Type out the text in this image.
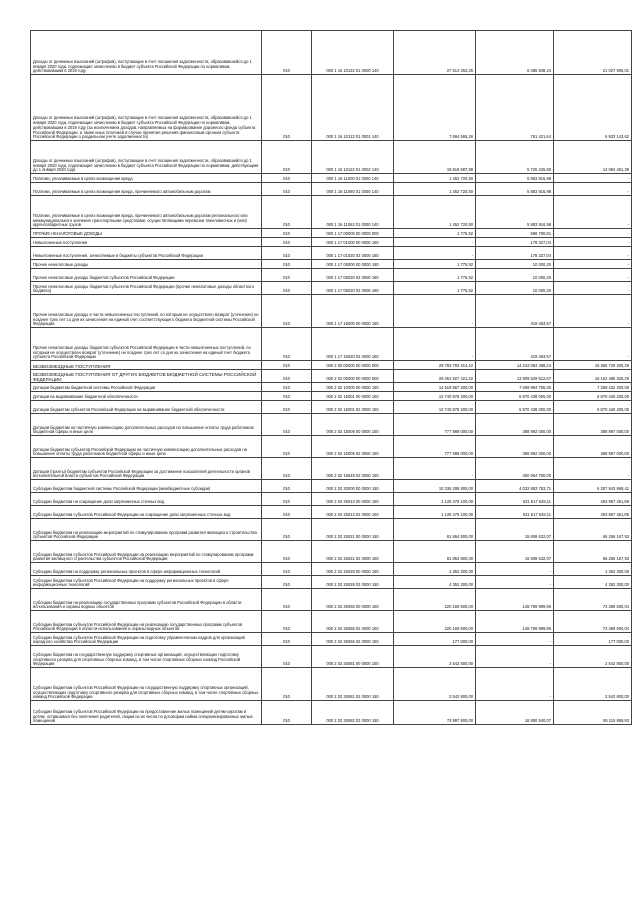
Доходы от денежных взысканий (штрафов), поступающие в счет погашения задолженности, образовавшейся до 1 января 2020 года, подлежащие зачислению в бюджет субъекта Российской Федерации по нормативам, действовавшим в 2019 году	010	000 1 16 10122 01 0000 140	27 514 253,25	6 486 848,24	21 027 905,01
Доходы от денежных взысканий (штрафов), поступающие в счет погашения задолженности, образовавшейся до 1 января 2020 года, подлежащие зачислению в бюджет субъекта Российской Федерации по нормативам, действовавшим в 2019 году (за исключением доходов, направляемых на формирование дорожного фонда субъекта Российской Федерации, а также иных платежей в случае принятия решения финансовым органом субъекта Российской Федерации о раздельном учете задолженности)	010	000 1 16 10122 01 0001 140	7 694 565,26	761 421,64	6 933 143,62
Доходы от денежных взысканий (штрафов), поступающие в счет погашения задолженности, образовавшейся до 1 января 2020 года, подлежащие зачислению в бюджет субъекта Российской Федерации по нормативам, действующим до 1 января 2020 года	010	000 1 16 10122 01 0002 140	19 819 687,99	5 725 226,60	14 094 461,39
Платежи, уплачиваемые в целях возмещения вреда	010	000 1 16 11000 01 0000 140	1 452 720,50	5 883 916,98	-
Платежи, уплачиваемые в целях возмещения вреда, причиняемого автомобильным дорогам	010	000 1 16 11060 01 0000 140	1 452 720,50	5 883 916,98	-
Платежи, уплачиваемые в целях возмещения вреда, причиняемого автомобильным дорогам регионального или межмуниципального значения транспортными средствами, осуществляющими перевозки тяжеловесных и (или) крупногабаритных грузов	010	000 1 16 11063 01 0000 140	1 452 720,50	5 883 916,98	-
ПРОЧИЕ НЕНАЛОГОВЫЕ ДОХОДЫ	010	000 1 17 00000 00 0000 000	1 775,52	598 790,81	-
Невыясненные поступления	010	000 1 17 01000 00 0000 180	-	178 327,04	-
Невыясненные поступления, зачисляемые в бюджеты субъектов Российской Федерации	010	000 1 17 01020 02 0000 180	-	178 327,04	-
Прочие неналоговые доходы	010	000 1 17 05000 00 0000 180	1 775,52	10 000,20	-
Прочие неналоговые доходы бюджетов субъектов Российской Федерации	010	000 1 17 05020 02 0000 180	1 775,52	10 000,20	-
Прочие неналоговые доходы бюджетов субъектов Российской Федерации (прочие неналоговые доходы областного бюджета)	010	000 1 17 05020 02 0006 180	1 775,52	10 000,20	-
Прочие неналоговые доходы в части невыясненных поступлений, по которым не осуществлен возврат (уточнение) не позднее трех лет со дня их зачисления на единый счет соответствующего бюджета бюджетной системы Российской Федерации	010	000 1 17 16000 00 0000 180	-	419 463,57	-
Прочие неналоговые доходы бюджетов субъектов Российской Федерации в части невыясненных поступлений, по которым не осуществлен возврат (уточнение) не позднее трех лет со дня их зачисления на единый счет бюджета субъекта Российской Федерации	010	000 1 17 16020 02 0000 180	-	419 463,57	-
БЕЗВОЗМЕЗДНЫЕ ПОСТУПЛЕНИЯ	010	000 2 00 00000 00 0000 000	29 783 783 414,42	14 242 084 489,24	16 365 728 200,29
БЕЗВОЗМЕЗДНЫЕ ПОСТУПЛЕНИЯ ОТ ДРУГИХ БЮДЖЕТОВ БЮДЖЕТНОЙ СИСТЕМЫ РОССИЙСКОЙ ФЕДЕРАЦИИ	010	000 2 02 00000 00 0000 000	29 461 927 421,32	13 909 529 512,67	16 162 485 325,29
Дотации бюджетам бюджетной системы Российской Федерации	010	000 2 02 10000 00 0000 150	14 518 867 200,00	7 659 994 756,00	7 359 432 200,00
Дотации на выравнивание бюджетной обеспеченности	010	000 2 02 15001 00 0000 150	13 740 878 200,00	6 870 438 000,00	6 870 440 200,00
Дотации бюджетам субъектов Российской Федерации на выравнивание бюджетной обеспеченности	010	000 2 02 15001 02 0000 150	13 740 878 200,00	6 870 438 000,00	6 870 440 200,00
Дотации бюджетам на частичную компенсацию дополнительных расходов на повышение оплаты труда работников бюджетной сферы и иные цели	010	000 2 02 15009 00 0000 150	777 989 000,00	388 992 000,00	388 997 000,00
Дотации бюджетам субъектов Российской Федерации на частичную компенсацию дополнительных расходов на повышение оплаты труда работников бюджетной сферы и иные цели	010	000 2 02 15009 02 0000 150	777 989 000,00	388 992 000,00	388 997 000,00
Дотации (гранты) бюджетам субъектов Российской Федерации за достижение показателей деятельности органов исполнительной власти субъектов Российской Федерации	010	000 2 02 15549 02 0000 150	-	400 564 700,00	-
Субсидии бюджетам бюджетной системы Российской Федерации (межбюджетные субсидии)	010	000 2 02 20000 00 0000 150	10 336 295 800,00	4 032 883 753,71	6 307 943 969,41
Субсидии бюджетам на сокращение доли загрязненных сточных вод	010	000 2 02 25013 00 0000 150	1 125 475 100,00	631 517 648,11	493 957 451,89
Субсидии бюджетам субъектов Российской Федерации на сокращение доли загрязненных сточных вод	010	000 2 02 25013 02 0000 150	1 125 475 100,00	631 517 648,11	493 957 451,89
Субсидии бюджетам на реализацию мероприятий по стимулированию программ развития жилищного строительства субъектов Российской Федерации	010	000 2 02 25021 00 0000 150	81 864 800,00	15 608 632,07	66 256 167,93
Субсидии бюджетам субъектов Российской Федерации на реализацию мероприятий по стимулированию программ развития жилищного строительства субъектов Российской Федерации	010	000 2 02 25021 02 0000 150	81 864 800,00	15 608 632,07	66 256 167,93
Субсидии бюджетам на поддержку региональных проектов в сфере информационных технологий	010	000 2 02 25028 00 0000 150	4 352 300,00	-	4 352 300,00
Субсидии бюджетам субъектов Российской Федерации на поддержку региональных проектов в сфере информационных технологий	010	000 2 02 25028 02 0000 150	4 352 300,00	-	4 352 300,00
Субсидии бюджетам на реализацию государственных программ субъектов Российской Федерации в области использования и охраны водных объектов	010	000 2 02 25065 00 0000 150	220 169 600,00	146 799 999,96	73 369 600,04
Субсидии бюджетам субъектов Российской Федерации на реализацию государственных программ субъектов Российской Федерации в области использования и охраны водных объектов	010	000 2 02 25065 02 0000 150	220 169 600,00	146 799 999,96	73 369 600,04
Субсидии бюджетам субъектов Российской Федерации на подготовку управленческих кадров для организаций народного хозяйства Российской Федерации	010	000 2 02 25066 02 0000 150	177 000,00	-	177 000,00
Субсидии бюджетам на государственную поддержку спортивных организаций, осуществляющих подготовку спортивного резерва для спортивных сборных команд, в том числе спортивных сборных команд Российской Федерации	010	000 2 02 25081 00 0000 150	2 542 800,00	-	2 542 800,00
Субсидии бюджетам субъектов Российской Федерации на государственную поддержку спортивных организаций, осуществляющих подготовку спортивного резерва для спортивных сборных команд, в том числе спортивных сборных команд Российской Федерации	010	000 2 02 25081 02 0000 150	2 542 800,00	-	2 542 800,00
Субсидии бюджетам субъектов Российской Федерации на предоставление жилых помещений детям-сиротам и детям, оставшимся без попечения родителей, лицам из их числа по договорам найма специализированных жилых помещений	010	000 2 02 25082 02 0000 150	73 997 900,00	18 880 940,07	55 116 959,93
